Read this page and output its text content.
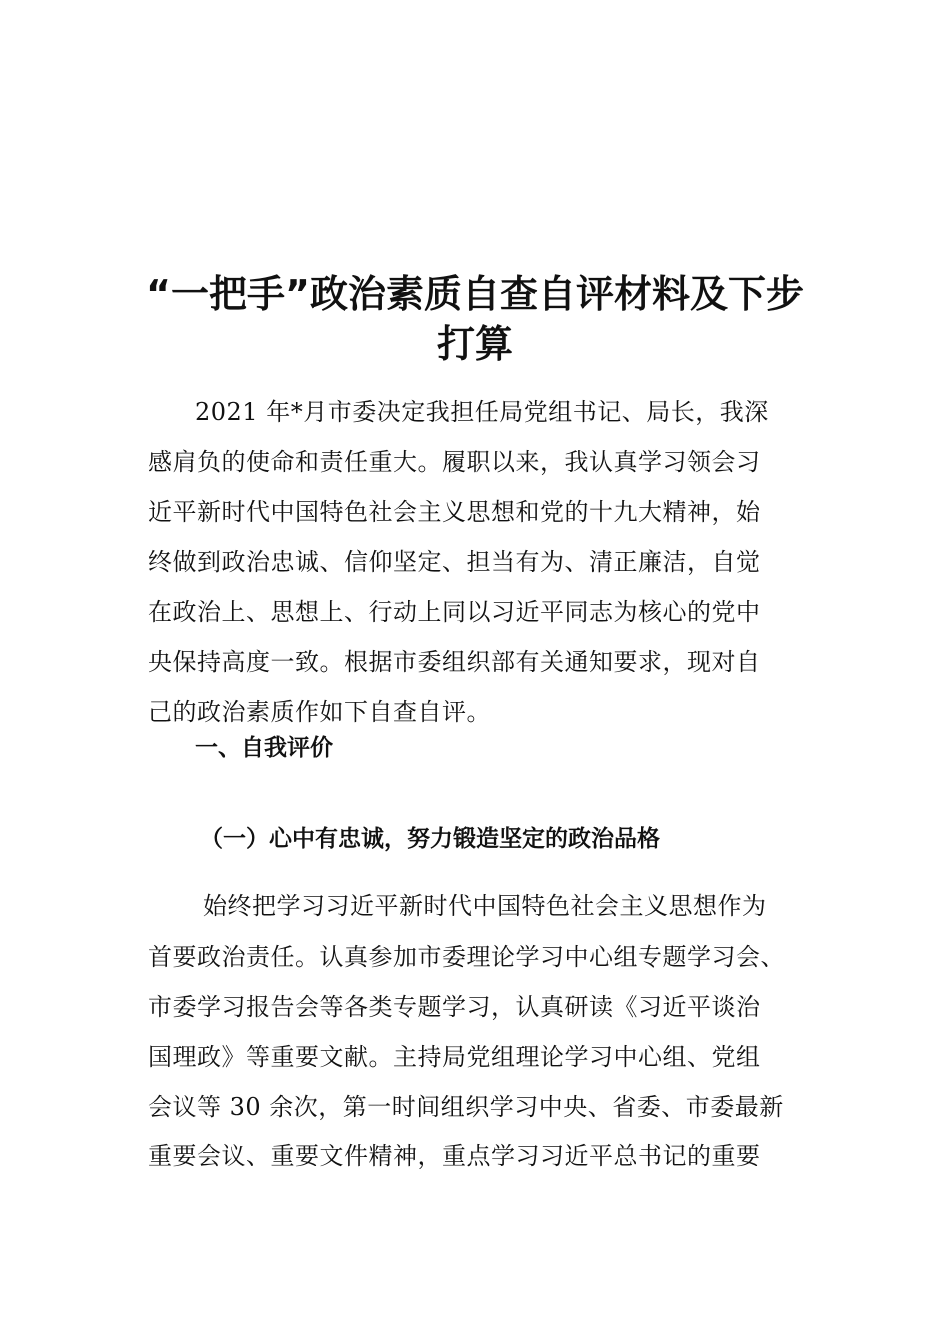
“一把手”政治素质自查自评材料及下步
打算
2021 年*月市委决定我担任局党组书记、局长，我深
感肩负的使命和责任重大。履职以来，我认真学习领会习
近平新时代中国特色社会主义思想和党的十九大精神，始
终做到政治忠诚、信仰坚定、担当有为、清正廉洁，自觉
在政治上、思想上、行动上同以习近平同志为核心的党中
央保持高度一致。根据市委组织部有关通知要求，现对自
己的政治素质作如下自查自评。
一、自我评价
（一）心中有忠诚，努力锻造坚定的政治品格
始终把学习习近平新时代中国特色社会主义思想作为
首要政治责任。认真参加市委理论学习中心组专题学习会、
市委学习报告会等各类专题学习，认真研读《习近平谈治
国理政》等重要文献。主持局党组理论学习中心组、党组
会议等 30 余次，第一时间组织学习中央、省委、市委最新
重要会议、重要文件精神，重点学习习近平总书记的重要
